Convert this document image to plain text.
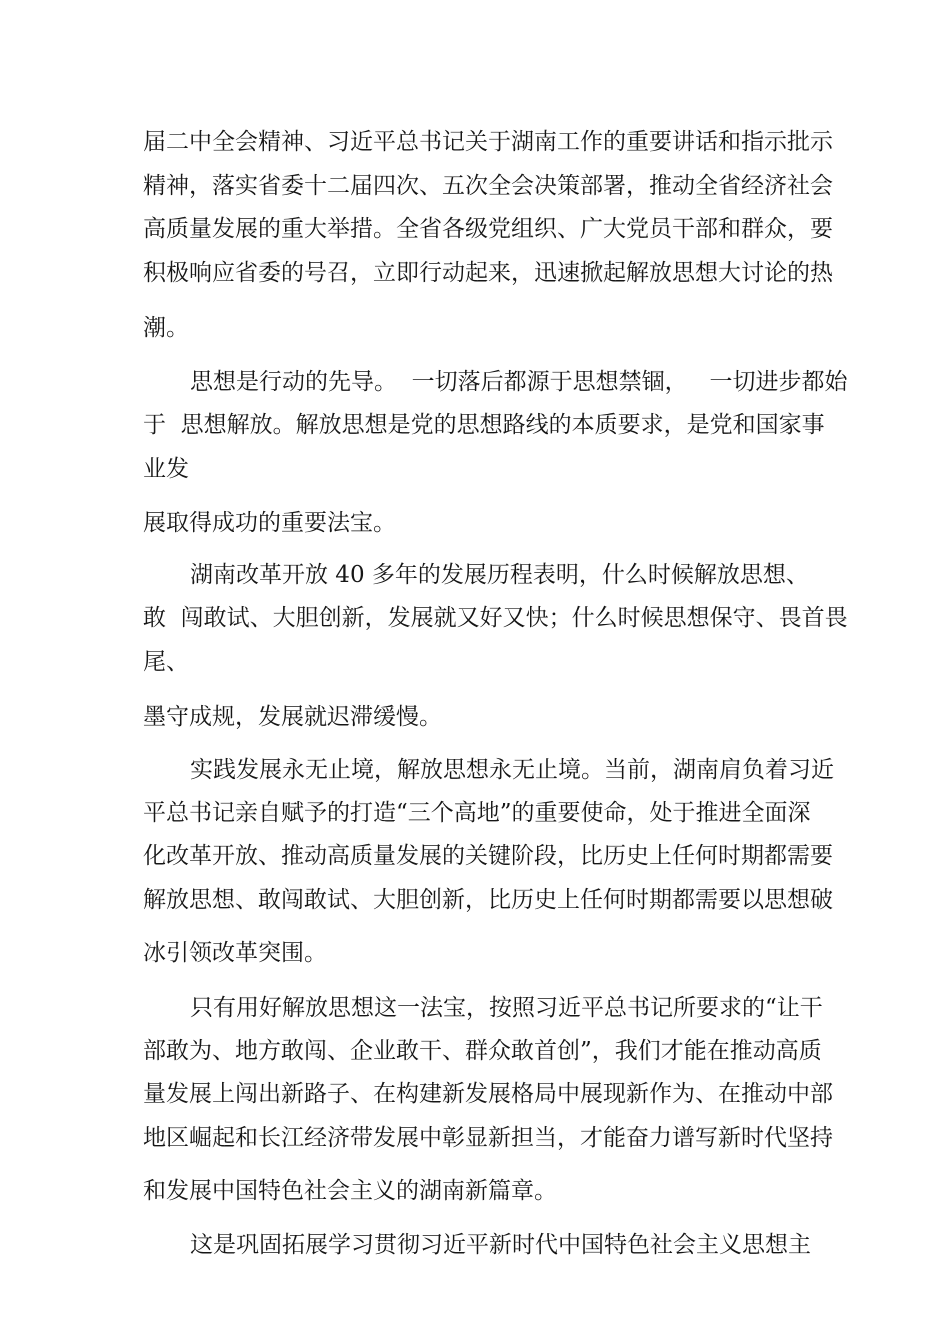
届二中全会精神、习近平总书记关于湖南工作的重要讲话和指示批示
精神，落实省委十二届四次、五次全会决策部署，推动全省经济社会
高质量发展的重大举措。全省各级党组织、广大党员干部和群众，要
积极响应省委的号召，立即行动起来，迅速掀起解放思想大讨论的热
潮。
思想是行动的先导。  一切落后都源于思想禁锢，   一切进步都始
于  思想解放。解放思想是党的思想路线的本质要求，是党和国家事
业发
展取得成功的重要法宝。
湖南改革开放 40 多年的发展历程表明，什么时候解放思想、
敢  闯敢试、大胆创新，发展就又好又快；什么时候思想保守、畏首畏
尾、
墨守成规，发展就迟滞缓慢。
实践发展永无止境，解放思想永无止境。当前，湖南肩负着习近
平总书记亲自赋予的打造“三个高地”的重要使命，处于推进全面深
化改革开放、推动高质量发展的关键阶段，比历史上任何时期都需要
解放思想、敢闯敢试、大胆创新，比历史上任何时期都需要以思想破
冰引领改革突围。
只有用好解放思想这一法宝，按照习近平总书记所要求的“让干
部敢为、地方敢闯、企业敢干、群众敢首创”，我们才能在推动高质
量发展上闯出新路子、在构建新发展格局中展现新作为、在推动中部
地区崛起和长江经济带发展中彰显新担当，才能奋力谱写新时代坚持
和发展中国特色社会主义的湖南新篇章。
这是巩固拓展学习贯彻习近平新时代中国特色社会主义思想主
